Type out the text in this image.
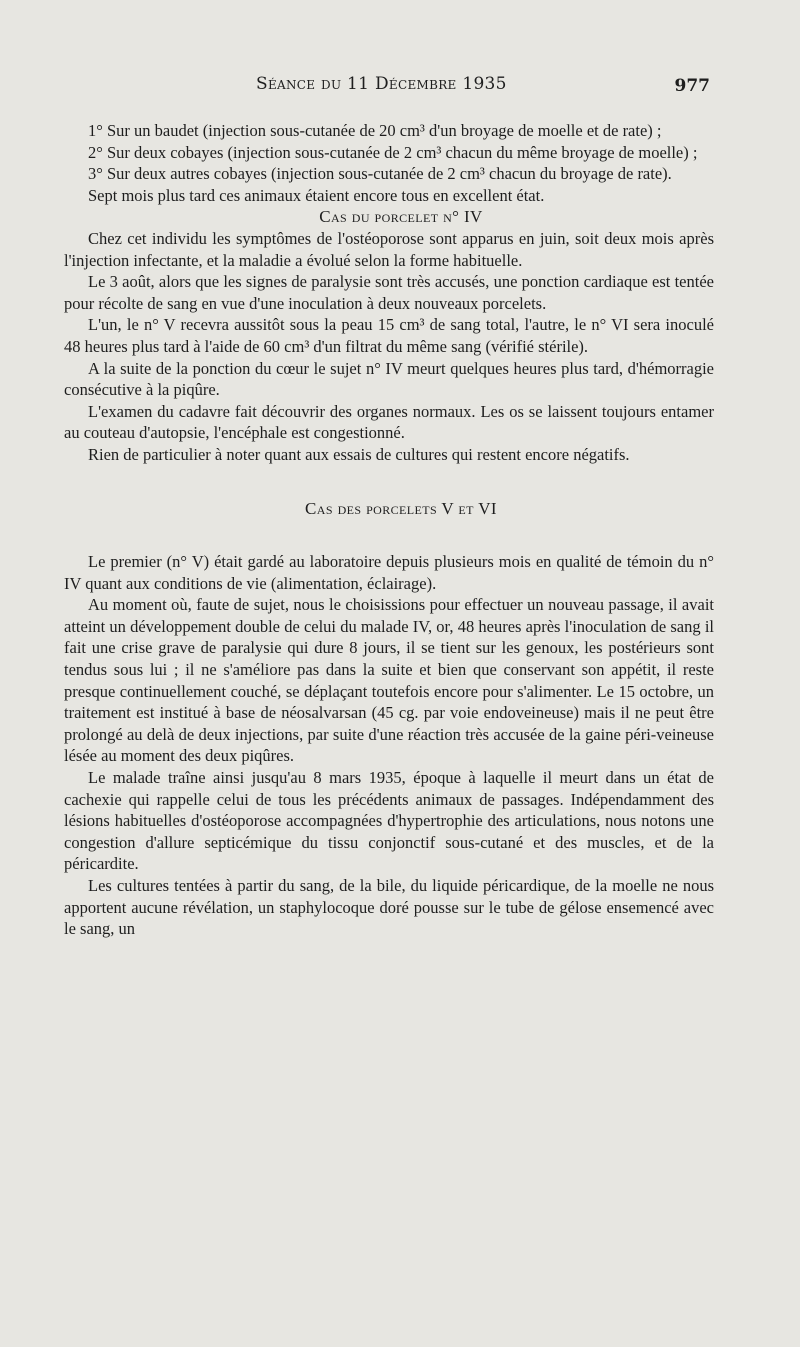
Séance du 11 Décembre 1935	977

1° Sur un baudet (injection sous-cutanée de 20 cm³ d'un broyage de moelle et de rate) ;

2° Sur deux cobayes (injection sous-cutanée de 2 cm³ chacun du même broyage de moelle) ;

3° Sur deux autres cobayes (injection sous-cutanée de 2 cm³ chacun du broyage de rate).

Sept mois plus tard ces animaux étaient encore tous en excellent état.

Cas du porcelet n° IV

Chez cet individu les symptômes de l'ostéoporose sont apparus en juin, soit deux mois après l'injection infectante, et la maladie a évolué selon la forme habituelle.

Le 3 août, alors que les signes de paralysie sont très accusés, une ponction cardiaque est tentée pour récolte de sang en vue d'une inoculation à deux nouveaux porcelets.

L'un, le n° V recevra aussitôt sous la peau 15 cm³ de sang total, l'autre, le n° VI sera inoculé 48 heures plus tard à l'aide de 60 cm³ d'un filtrat du même sang (vérifié stérile).

A la suite de la ponction du cœur le sujet n° IV meurt quelques heures plus tard, d'hémorragie consécutive à la piqûre.

L'examen du cadavre fait découvrir des organes normaux. Les os se laissent toujours entamer au couteau d'autopsie, l'encéphale est congestionné.

Rien de particulier à noter quant aux essais de cultures qui restent encore négatifs.

Cas des porcelets V et VI

Le premier (n° V) était gardé au laboratoire depuis plusieurs mois en qualité de témoin du n° IV quant aux conditions de vie (alimentation, éclairage).

Au moment où, faute de sujet, nous le choisissions pour effectuer un nouveau passage, il avait atteint un développement double de celui du malade IV, or, 48 heures après l'inoculation de sang il fait une crise grave de paralysie qui dure 8 jours, il se tient sur les genoux, les postérieurs sont tendus sous lui ; il ne s'améliore pas dans la suite et bien que conservant son appétit, il reste presque continuellement couché, se déplaçant toutefois encore pour s'alimenter. Le 15 octobre, un traitement est institué à base de néosalvarsan (45 cg. par voie endoveineuse) mais il ne peut être prolongé au delà de deux injections, par suite d'une réaction très accusée de la gaine péri-veineuse lésée au moment des deux piqûres.

Le malade traîne ainsi jusqu'au 8 mars 1935, époque à laquelle il meurt dans un état de cachexie qui rappelle celui de tous les précédents animaux de passages. Indépendamment des lésions habituelles d'ostéoporose accompagnées d'hypertrophie des articulations, nous notons une congestion d'allure septicémique du tissu conjonctif sous-cutané et des muscles, et de la péricardite.

Les cultures tentées à partir du sang, de la bile, du liquide péricardique, de la moelle ne nous apportent aucune révélation, un staphylocoque doré pousse sur le tube de gélose ensemencé avec le sang, un
